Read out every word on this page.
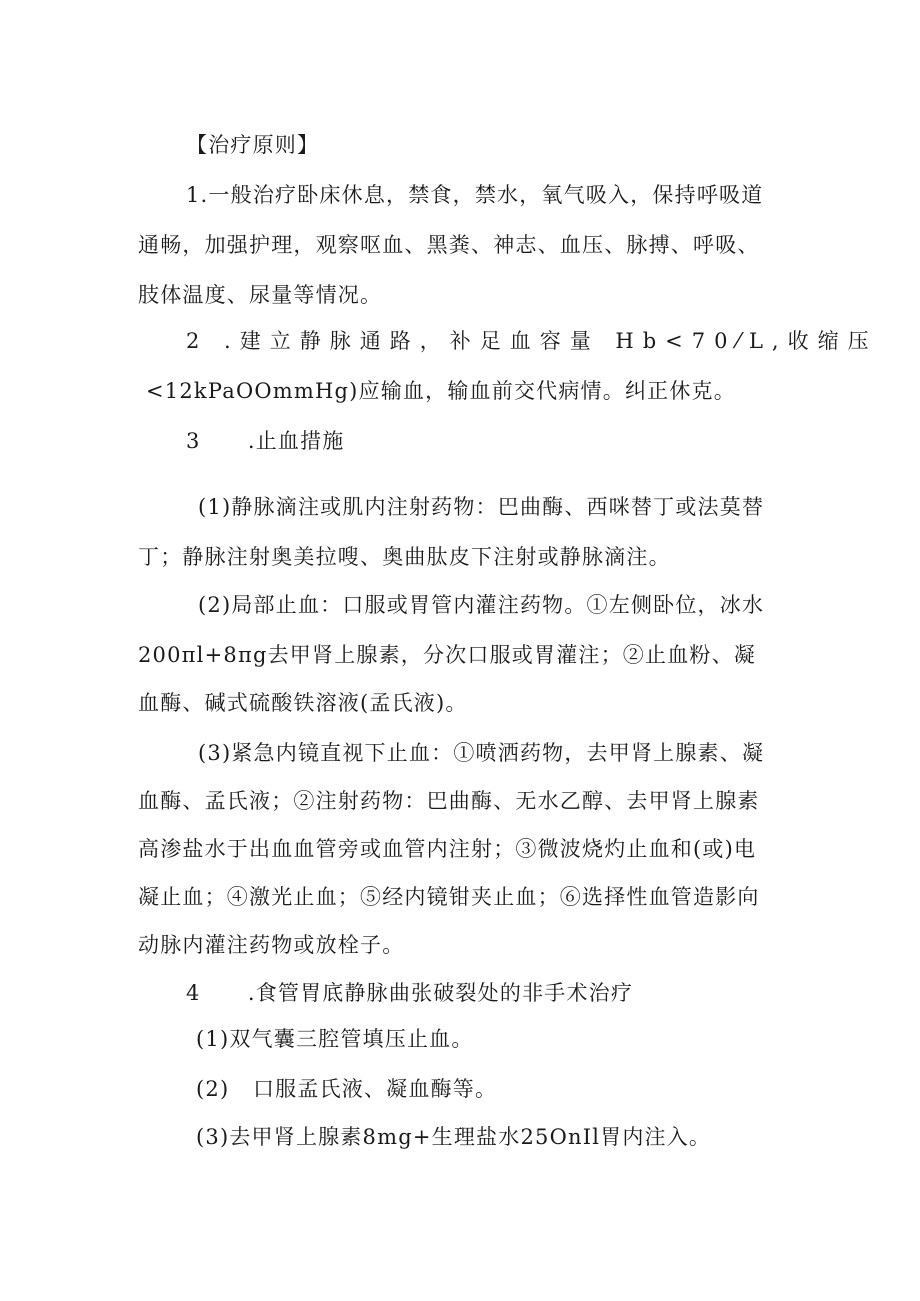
【治疗原则】

1.一般治疗卧床休息，禁食，禁水，氧气吸入，保持呼吸道

通畅，加强护理，观察呕血、黑粪、神志、血压、脉搏、呼吸、

肢体温度、尿量等情况。

2 .建立静脉通路，补足血容量 Hb<70⁄L,收缩压

<12kPaOOmmHg)应输血，输血前交代病情。纠正休克。

3      .止血措施

(1)静脉滴注或肌内注射药物：巴曲酶、西咪替丁或法莫替

丁；静脉注射奥美拉嗖、奥曲肽皮下注射或静脉滴注。

(2)局部止血：口服或胃管内灌注药物。①左侧卧位，冰水

200πl+8πg去甲肾上腺素，分次口服或胃灌注；②止血粉、凝

血酶、碱式硫酸铁溶液(孟氏液)。

(3)紧急内镜直视下止血：①喷洒药物，去甲肾上腺素、凝

血酶、孟氏液；②注射药物：巴曲酶、无水乙醇、去甲肾上腺素

高渗盐水于出血血管旁或血管内注射；③微波烧灼止血和(或)电

凝止血；④激光止血；⑤经内镜钳夹止血；⑥选择性血管造影向

动脉内灌注药物或放栓子。

4      .食管胃底静脉曲张破裂处的非手术治疗

(1)双气囊三腔管填压止血。

(2)   口服孟氏液、凝血酶等。

(3)去甲肾上腺素8mg+生理盐水25OnIl胃内注入。
